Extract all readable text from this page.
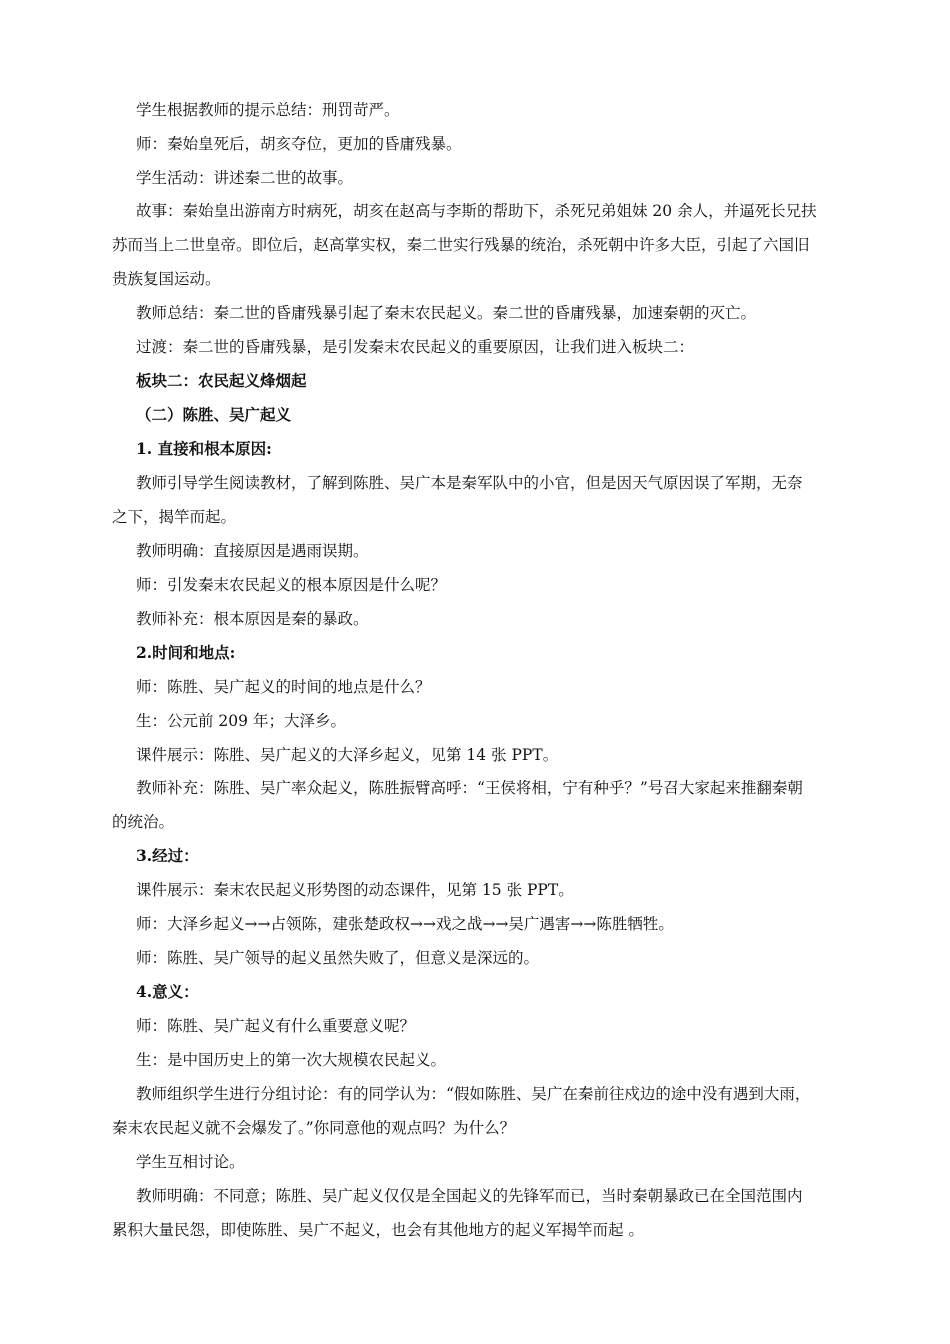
学生根据教师的提示总结：刑罚苛严。
师：秦始皇死后，胡亥夺位，更加的昏庸残暴。
学生活动：讲述秦二世的故事。
故事：秦始皇出游南方时病死，胡亥在赵高与李斯的帮助下，杀死兄弟姐妹 20 余人，并逼死长兄扶
苏而当上二世皇帝。即位后，赵高掌实权，秦二世实行残暴的统治，杀死朝中许多大臣，引起了六国旧
贵族复国运动。
教师总结：秦二世的昏庸残暴引起了秦末农民起义。秦二世的昏庸残暴，加速秦朝的灭亡。
过渡：秦二世的昏庸残暴，是引发秦末农民起义的重要原因，让我们进入板块二：
板块二：农民起义烽烟起
（二）陈胜、吴广起义
1. 直接和根本原因:
教师引导学生阅读教材，了解到陈胜、吴广本是秦军队中的小官，但是因天气原因误了军期，无奈
之下，揭竿而起。
教师明确：直接原因是遇雨误期。
师：引发秦末农民起义的根本原因是什么呢？
教师补充：根本原因是秦的暴政。
2.时间和地点:
师：陈胜、吴广起义的时间的地点是什么？
生：公元前 209 年；大泽乡。
课件展示：陈胜、吴广起义的大泽乡起义，见第 14 张 PPT。
教师补充：陈胜、吴广率众起义，陈胜振臂高呼：“王侯将相，宁有种乎？”号召大家起来推翻秦朝
的统治。
3.经过：
课件展示：秦末农民起义形势图的动态课件，见第 15 张 PPT。
师：大泽乡起义→→占领陈，建张楚政权→→戏之战→→吴广遇害→→陈胜牺牲。
师：陈胜、吴广领导的起义虽然失败了，但意义是深远的。
4.意义：
师：陈胜、吴广起义有什么重要意义呢？
生：是中国历史上的第一次大规模农民起义。
教师组织学生进行分组讨论：有的同学认为：“假如陈胜、吴广在秦前往戍边的途中没有遇到大雨，
秦末农民起义就不会爆发了。”你同意他的观点吗？为什么？
学生互相讨论。
教师明确：不同意；陈胜、吴广起义仅仅是全国起义的先锋军而已，当时秦朝暴政已在全国范围内
累积大量民怨，即使陈胜、吴广不起义，也会有其他地方的起义军揭竿而起 。
